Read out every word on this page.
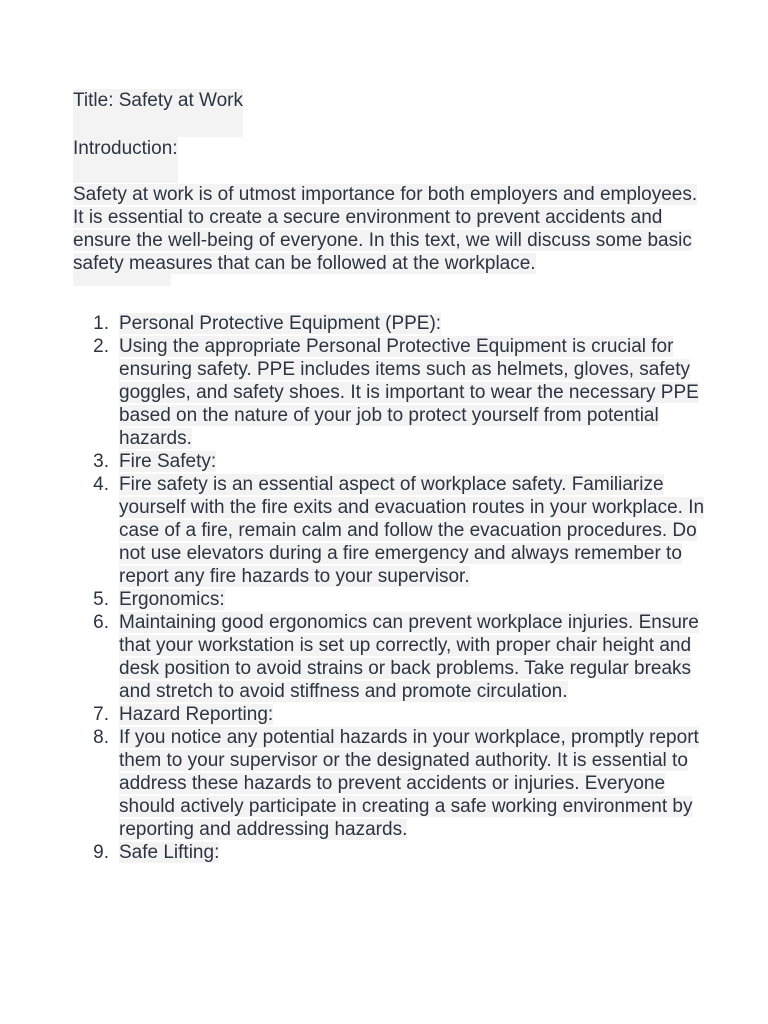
Title: Safety at Work
Introduction:

Safety at work is of utmost importance for both employers and employees. It is essential to create a secure environment to prevent accidents and ensure the well-being of everyone. In this text, we will discuss some basic safety measures that can be followed at the workplace.

1. Personal Protective Equipment (PPE):
2. Using the appropriate Personal Protective Equipment is crucial for ensuring safety. PPE includes items such as helmets, gloves, safety goggles, and safety shoes. It is important to wear the necessary PPE based on the nature of your job to protect yourself from potential hazards.
3. Fire Safety:
4. Fire safety is an essential aspect of workplace safety. Familiarize yourself with the fire exits and evacuation routes in your workplace. In case of a fire, remain calm and follow the evacuation procedures. Do not use elevators during a fire emergency and always remember to report any fire hazards to your supervisor.
5. Ergonomics:
6. Maintaining good ergonomics can prevent workplace injuries. Ensure that your workstation is set up correctly, with proper chair height and desk position to avoid strains or back problems. Take regular breaks and stretch to avoid stiffness and promote circulation.
7. Hazard Reporting:
8. If you notice any potential hazards in your workplace, promptly report them to your supervisor or the designated authority. It is essential to address these hazards to prevent accidents or injuries. Everyone should actively participate in creating a safe working environment by reporting and addressing hazards.
9. Safe Lifting:
